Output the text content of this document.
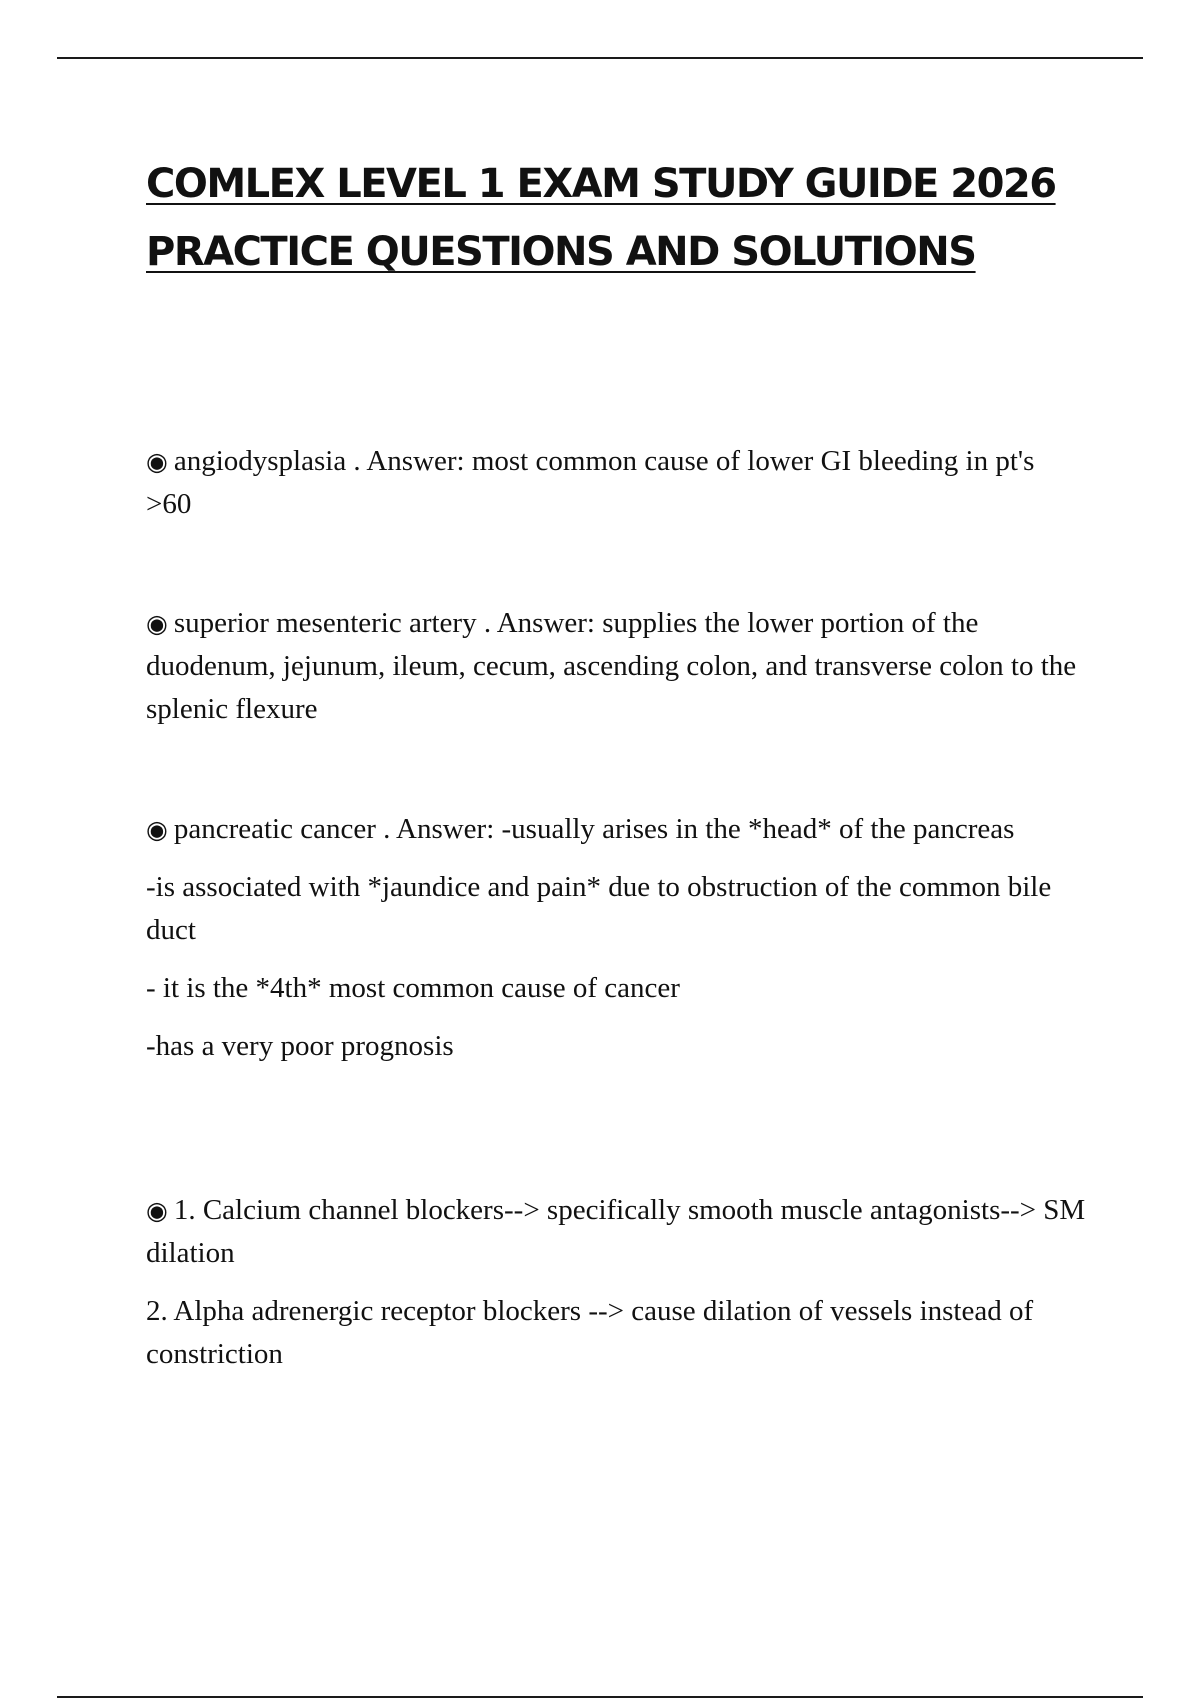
COMLEX LEVEL 1 EXAM STUDY GUIDE 2026
PRACTICE QUESTIONS AND SOLUTIONS

◉ angiodysplasia . Answer: most common cause of lower GI bleeding in pt's >60

◉ superior mesenteric artery . Answer: supplies the lower portion of the duodenum, jejunum, ileum, cecum, ascending colon, and transverse colon to the splenic flexure

◉ pancreatic cancer . Answer: -usually arises in the *head* of the pancreas

-is associated with *jaundice and pain* due to obstruction of the common bile duct

- it is the *4th* most common cause of cancer

-has a very poor prognosis

◉ 1. Calcium channel blockers--> specifically smooth muscle antagonists--> SM dilation

2. Alpha adrenergic receptor blockers --> cause dilation of vessels instead of constriction
